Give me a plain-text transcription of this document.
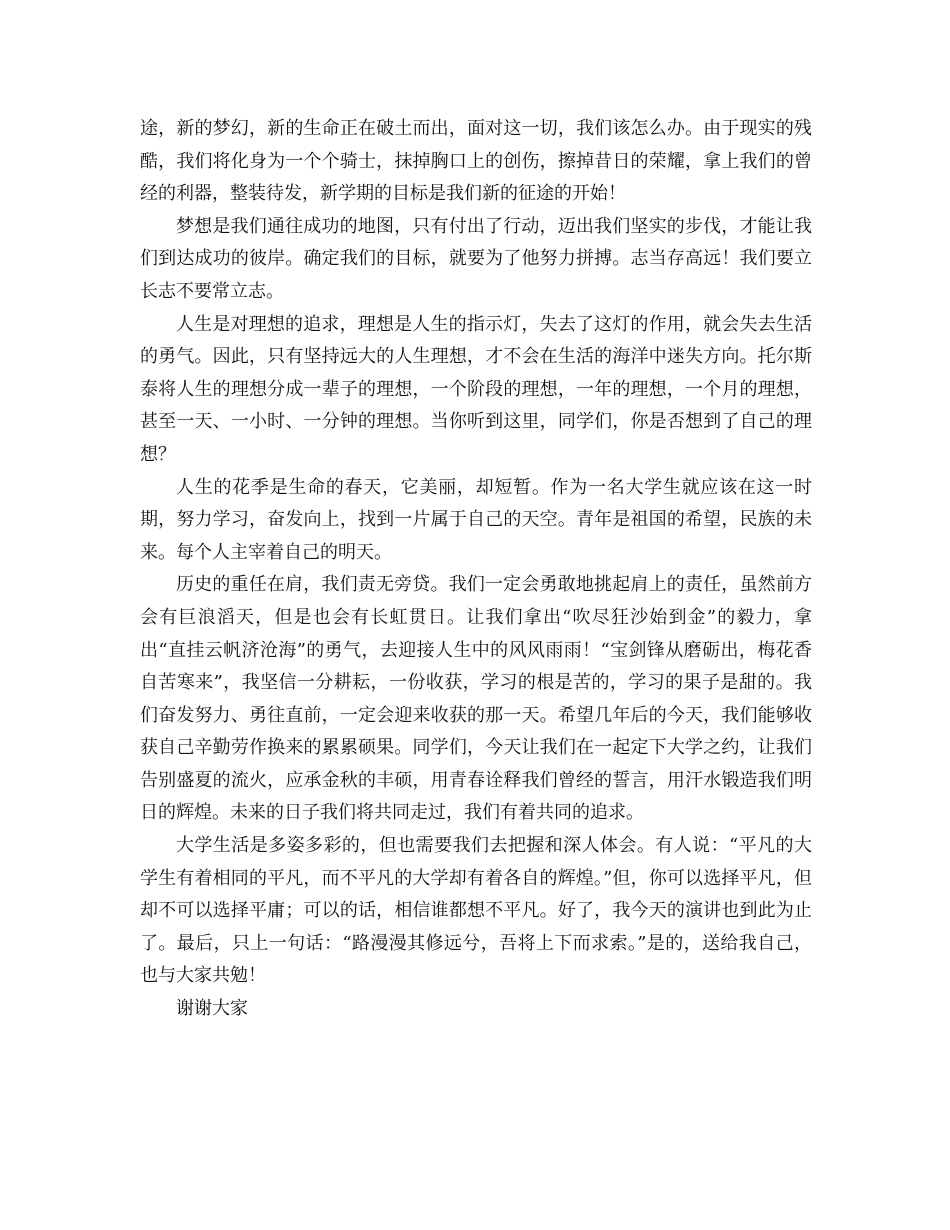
途，新的梦幻，新的生命正在破土而出，面对这一切，我们该怎么办。由于现实的残酷，我们将化身为一个个骑士，抹掉胸口上的创伤，擦掉昔日的荣耀，拿上我们的曾经的利器，整装待发，新学期的目标是我们新的征途的开始！

梦想是我们通往成功的地图，只有付出了行动，迈出我们坚实的步伐，才能让我们到达成功的彼岸。确定我们的目标，就要为了他努力拼搏。志当存高远！我们要立长志不要常立志。

人生是对理想的追求，理想是人生的指示灯，失去了这灯的作用，就会失去生活的勇气。因此，只有坚持远大的人生理想，才不会在生活的海洋中迷失方向。托尔斯泰将人生的理想分成一辈子的理想，一个阶段的理想，一年的理想，一个月的理想，甚至一天、一小时、一分钟的理想。当你听到这里，同学们，你是否想到了自己的理想？

人生的花季是生命的春天，它美丽，却短暂。作为一名大学生就应该在这一时期，努力学习，奋发向上，找到一片属于自己的天空。青年是祖国的希望，民族的未来。每个人主宰着自己的明天。

历史的重任在肩，我们责无旁贷。我们一定会勇敢地挑起肩上的责任，虽然前方会有巨浪滔天，但是也会有长虹贯日。让我们拿出“吹尽狂沙始到金”的毅力，拿出“直挂云帆济沧海”的勇气，去迎接人生中的风风雨雨！“宝剑锋从磨砺出，梅花香自苦寒来”，我坚信一分耕耘，一份收获，学习的根是苦的，学习的果子是甜的。我们奋发努力、勇往直前，一定会迎来收获的那一天。希望几年后的今天，我们能够收获自己辛勤劳作换来的累累硕果。同学们，今天让我们在一起定下大学之约，让我们告别盛夏的流火，应承金秋的丰硕，用青春诠释我们曾经的誓言，用汗水锻造我们明日的辉煌。未来的日子我们将共同走过，我们有着共同的追求。

大学生活是多姿多彩的，但也需要我们去把握和深人体会。有人说：“平凡的大学生有着相同的平凡，而不平凡的大学却有着各自的辉煌。”但，你可以选择平凡，但却不可以选择平庸；可以的话，相信谁都想不平凡。好了，我今天的演讲也到此为止了。最后，只上一句话：“路漫漫其修远兮，吾将上下而求索。”是的，送给我自己，也与大家共勉！

谢谢大家
